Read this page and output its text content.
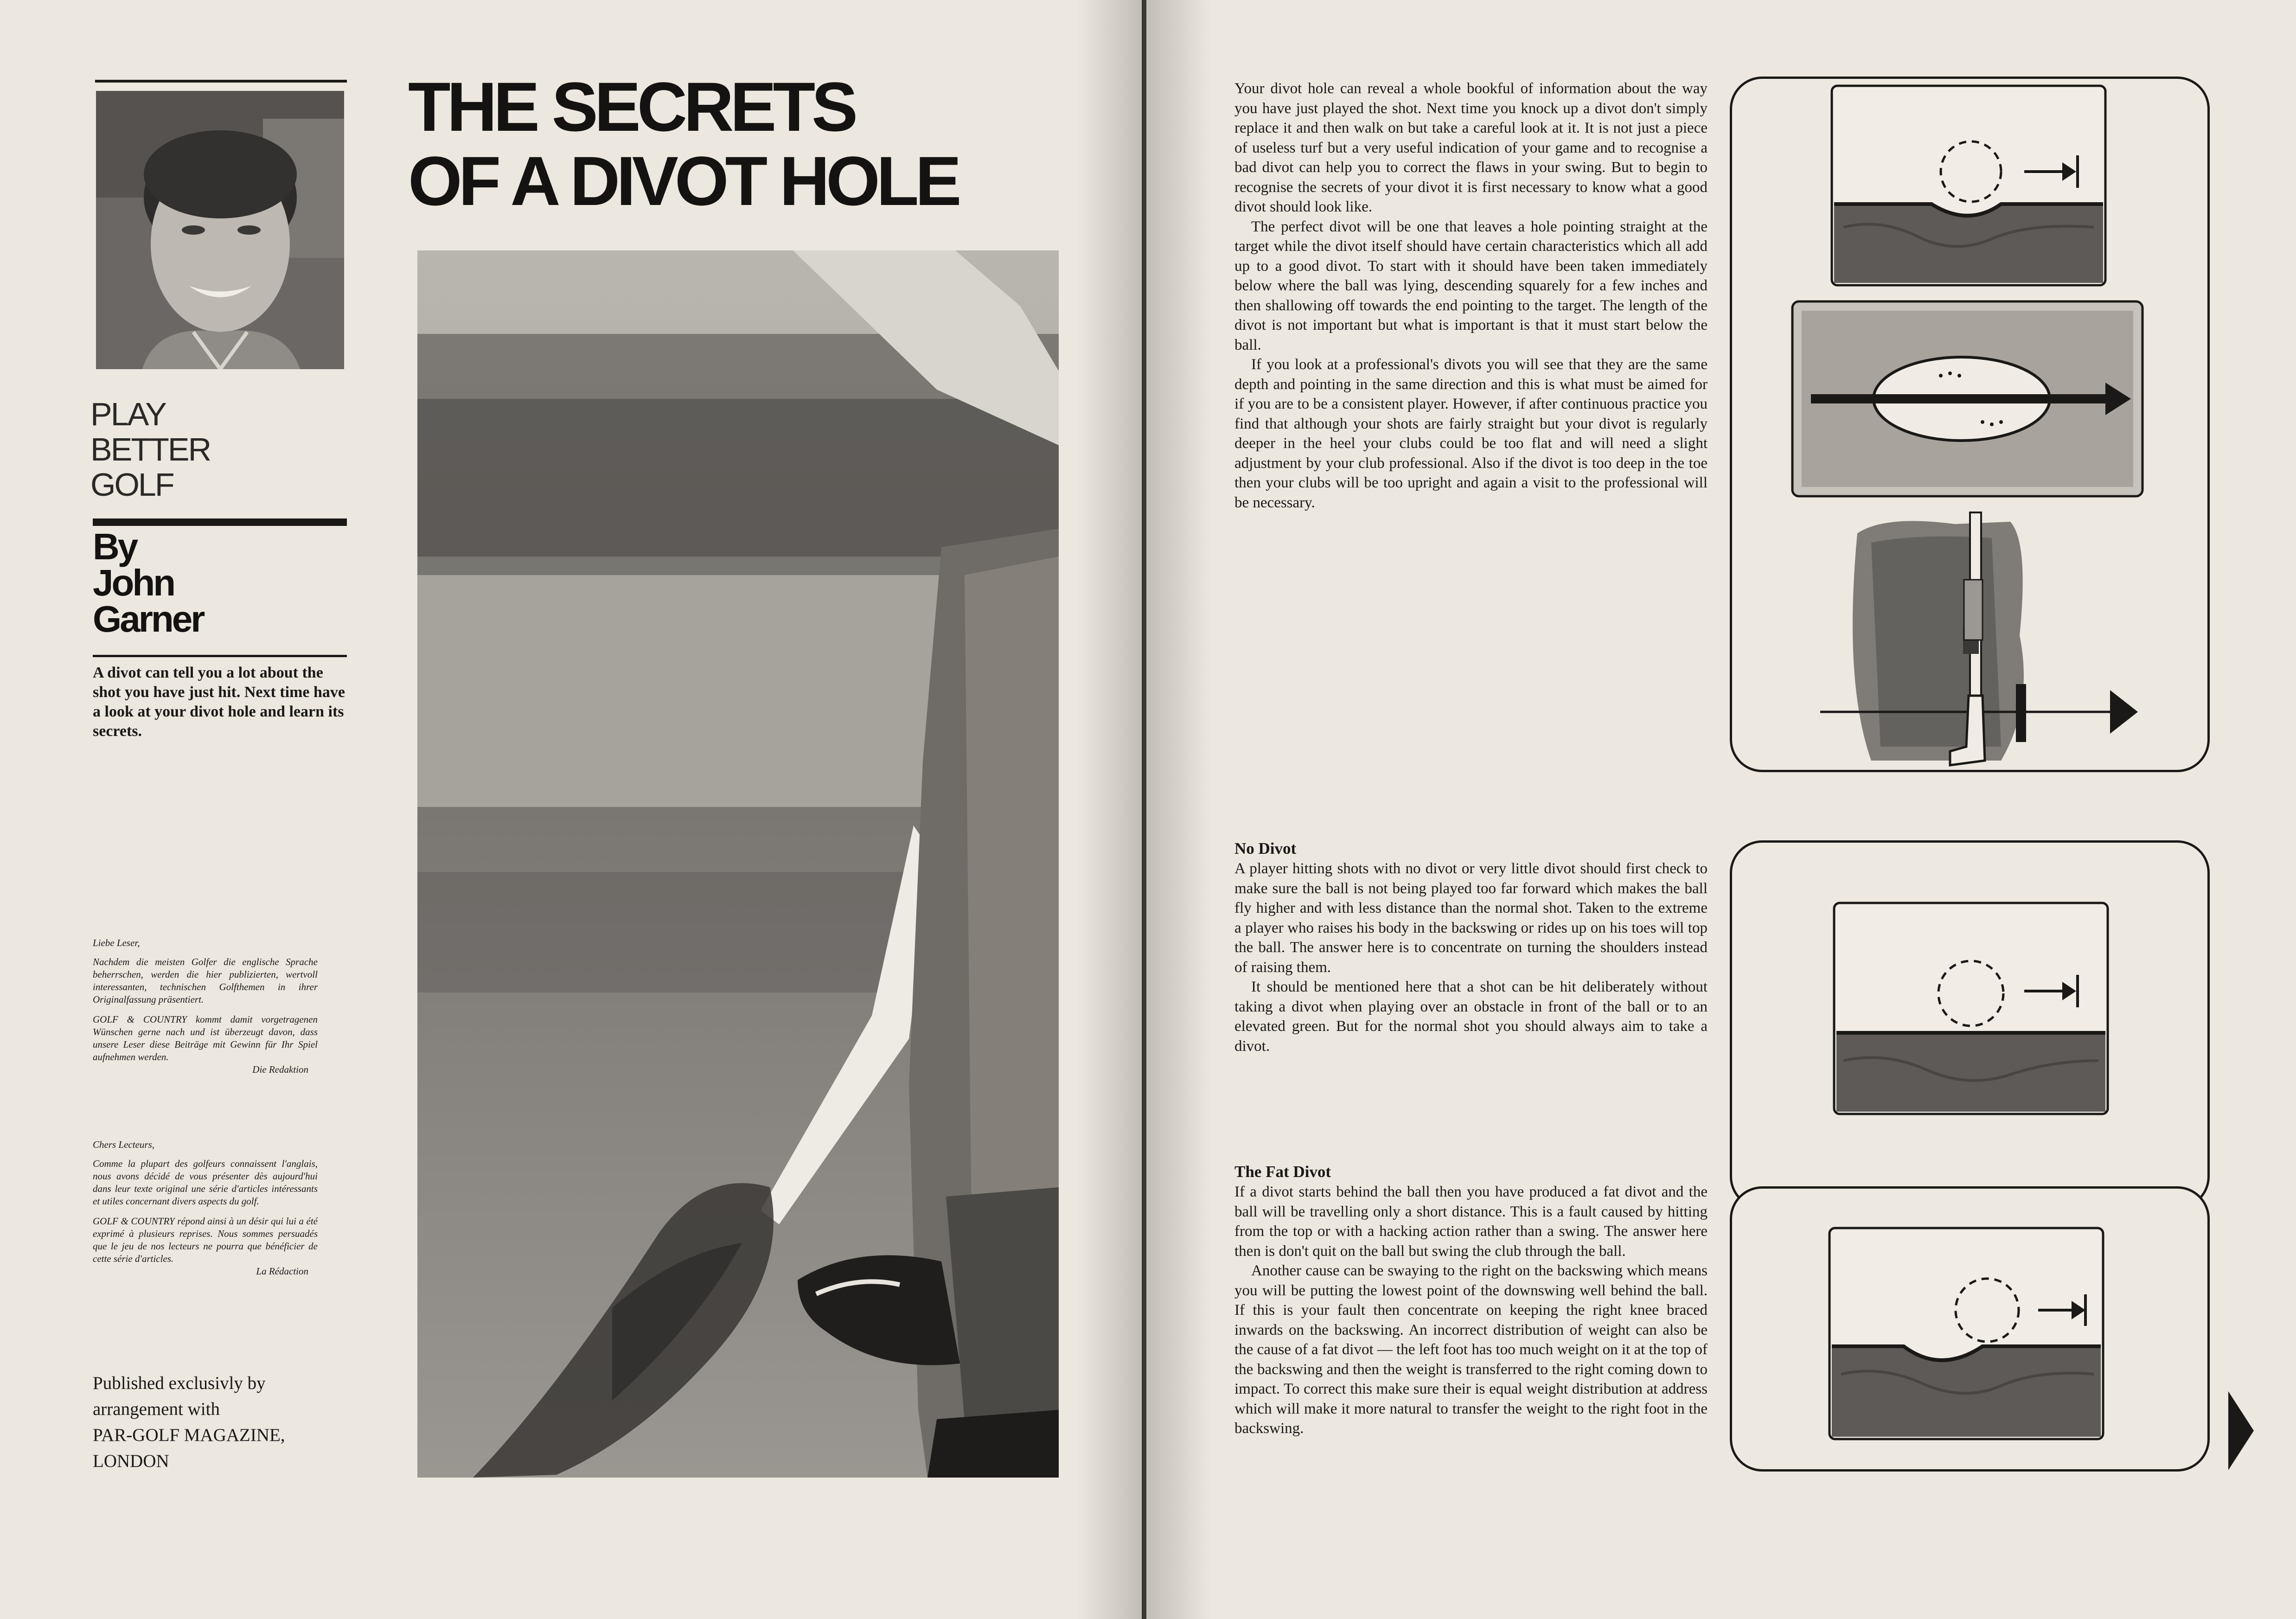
THE SECRETS
OF A DIVOT HOLE
PLAY
BETTER
GOLF
By
John
Garner

A divot can tell you a lot about the shot you have just hit. Next time have a look at your divot hole and learn its secrets.

Liebe Leser,

Nachdem die meisten Golfer die englische Sprache beherrschen, werden die hier publizierten, wertvoll interessanten, technischen Golfthemen in ihrer Originalfassung präsentiert.

GOLF & COUNTRY kommt damit vorgetragenen Wünschen gerne nach und ist überzeugt davon, dass unsere Leser diese Beiträge mit Gewinn für Ihr Spiel aufnehmen werden.

Die Redaktion

Chers Lecteurs,

Comme la plupart des golfeurs connaissent l'anglais, nous avons décidé de vous présenter dès aujourd'hui dans leur texte original une série d'articles intéressants et utiles concernant divers aspects du golf.

GOLF & COUNTRY répond ainsi à un désir qui lui a été exprimé à plusieurs reprises. Nous sommes persuadés que le jeu de nos lecteurs ne pourra que bénéficier de cette série d'articles.

La Rédaction

Published exclusivly by
arrangement with
PAR-GOLF MAGAZINE,
LONDON

Your divot hole can reveal a whole bookful of information about the way you have just played the shot. Next time you knock up a divot don't simply replace it and then walk on but take a careful look at it. It is not just a piece of useless turf but a very useful indication of your game and to recognise a bad divot can help you to correct the flaws in your swing. But to begin to recognise the secrets of your divot it is first necessary to know what a good divot should look like.

The perfect divot will be one that leaves a hole pointing straight at the target while the divot itself should have certain characteristics which all add up to a good divot. To start with it should have been taken immediately below where the ball was lying, descending squarely for a few inches and then shallowing off towards the end pointing to the target. The length of the divot is not important but what is important is that it must start below the ball.

If you look at a professional's divots you will see that they are the same depth and pointing in the same direction and this is what must be aimed for if you are to be a consistent player. However, if after continuous practice you find that although your shots are fairly straight but your divot is regularly deeper in the heel your clubs could be too flat and will need a slight adjustment by your club professional. Also if the divot is too deep in the toe then your clubs will be too upright and again a visit to the professional will be necessary.

No Divot

A player hitting shots with no divot or very little divot should first check to make sure the ball is not being played too far forward which makes the ball fly higher and with less distance than the normal shot. Taken to the extreme a player who raises his body in the backswing or rides up on his toes will top the ball. The answer here is to concentrate on turning the shoulders instead of raising them.

It should be mentioned here that a shot can be hit deliberately without taking a divot when playing over an obstacle in front of the ball or to an elevated green. But for the normal shot you should always aim to take a divot.

The Fat Divot

If a divot starts behind the ball then you have produced a fat divot and the ball will be travelling only a short distance. This is a fault caused by hitting from the top or with a hacking action rather than a swing. The answer here then is don't quit on the ball but swing the club through the ball.

Another cause can be swaying to the right on the backswing which means you will be putting the lowest point of the downswing well behind the ball. If this is your fault then concentrate on keeping the right knee braced inwards on the backswing. An incorrect distribution of weight can also be the cause of a fat divot — the left foot has too much weight on it at the top of the backswing and then the weight is transferred to the right coming down to impact. To correct this make sure their is equal weight distribution at address which will make it more natural to transfer the weight to the right foot in the backswing.
